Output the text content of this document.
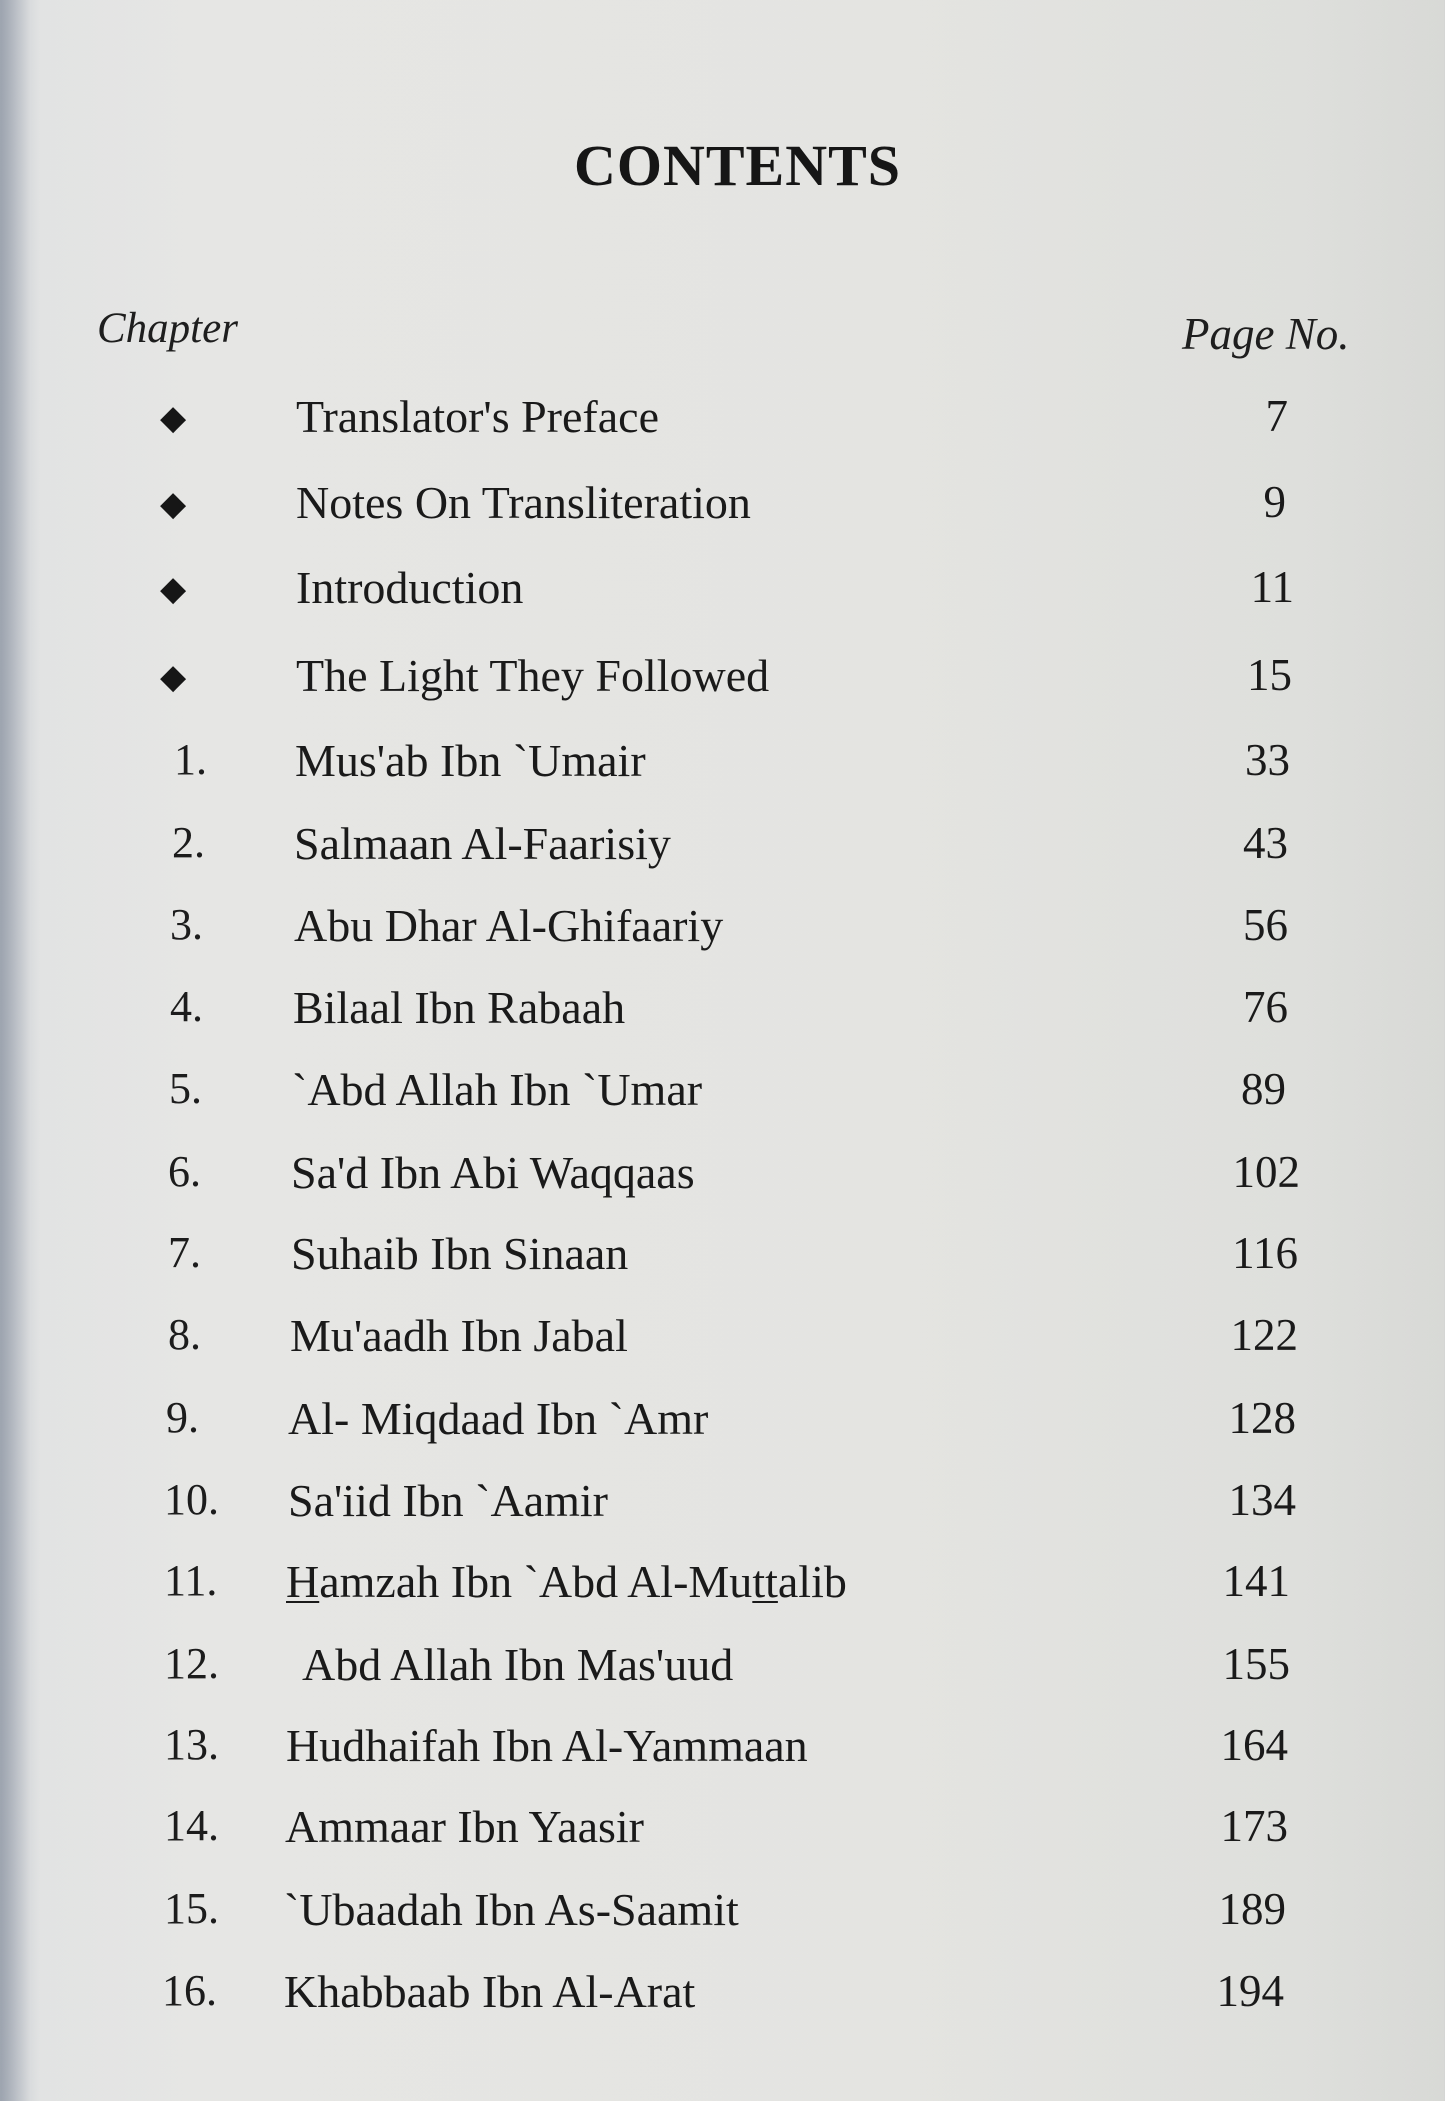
CONTENTS
Chapter	Page No.
◆ Translator's Preface	7
◆ Notes On Transliteration	9
◆ Introduction	11
◆ The Light They Followed	15
1. Mus'ab Ibn `Umair	33
2. Salmaan Al-Faarisiy	43
3. Abu Dhar Al-Ghifaariy	56
4. Bilaal Ibn Rabaah	76
5. `Abd Allah Ibn `Umar	89
6. Sa'd Ibn Abi Waqqaas	102
7. Suhaib Ibn Sinaan	116
8. Mu'aadh Ibn Jabal	122
9. Al- Miqdaad Ibn `Amr	128
10. Sa'iid Ibn `Aamir	134
11. Hamzah Ibn `Abd Al-Muttalib	141
12. Abd Allah Ibn Mas'uud	155
13. Hudhaifah Ibn Al-Yammaan	164
14. Ammaar Ibn Yaasir	173
15. `Ubaadah Ibn As-Saamit	189
16. Khabbaab Ibn Al-Arat	194
